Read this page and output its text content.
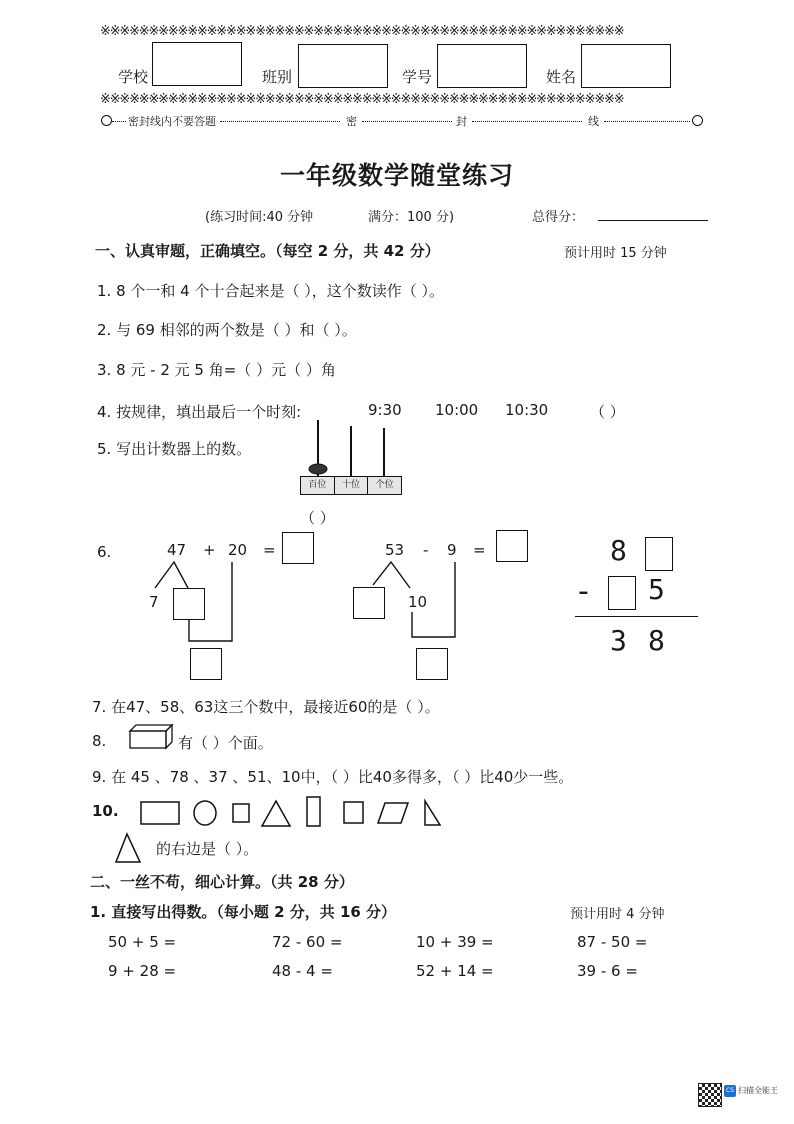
※※※※※※※※※※※※※※※※※※※※※※※※※※※※※※※※※※※※※※※※※※※※※※※※※※※※※※
学校	班别	学号	姓名
※※※※※※※※※※※※※※※※※※※※※※※※※※※※※※※※※※※※※※※※※※※※※※※※※※※※※※
密封线内不要答题	密	封	线
一年级数学随堂练习
(练习时间:40 分钟	满分：100 分)	总得分：
一、认真审题，正确填空。（每空 2 分，共 42 分）	预计用时 15 分钟
1. 8 个一和 4 个十合起来是（ ），这个数读作（ ）。
2. 与 69 相邻的两个数是（ ）和（ ）。
3. 8 元 - 2 元 5 角=（ ）元（ ）角
4. 按规律，填出最后一个时刻:	9:30 10:00 10:30	（ ）
5. 写出计数器上的数。
百位	十位	个位
（ ）
6.	47 + 20 =
7
53 - 9 =
10
8
- 5
3 8
7. 在47、58、63这三个数中，最接近60的是（ ）。
8.	有（ ）个面。
9. 在 45 、78 、37 、51、10中，（ ）比40多得多，（ ）比40少一些。
10.
的右边是（ ）。
二、一丝不苟，细心计算。（共 28 分）
1. 直接写出得数。（每小题 2 分，共 16 分）	预计用时 4 分钟
50 + 5 =	72 - 60 =	10 + 39 =	87 - 50 =
9 + 28 =	48 - 4 =	52 + 14 =	39 - 6 =
CS 扫描全能王
